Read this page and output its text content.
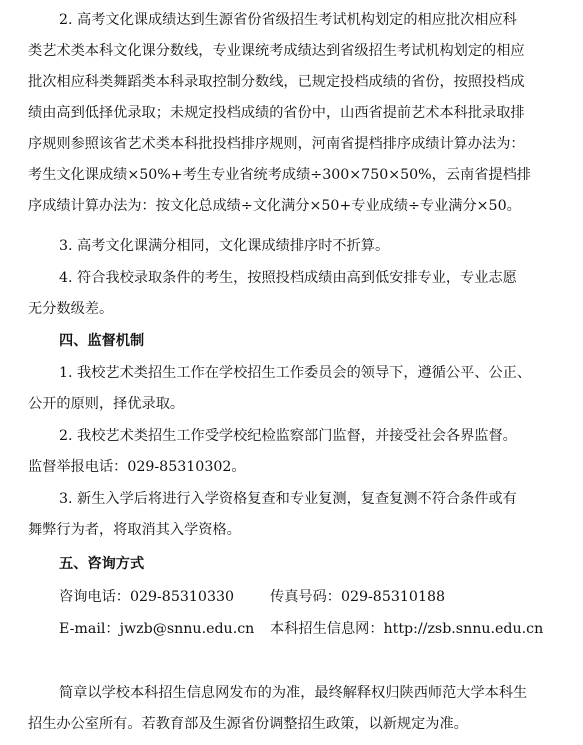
2. 高考文化课成绩达到生源省份省级招生考试机构划定的相应批次相应科
类艺术类本科文化课分数线，专业课统考成绩达到省级招生考试机构划定的相应
批次相应科类舞蹈类本科录取控制分数线，已规定投档成绩的省份，按照投档成
绩由高到低择优录取；未规定投档成绩的省份中，山西省提前艺术本科批录取排
序规则参照该省艺术类本科批投档排序规则，河南省提档排序成绩计算办法为：
考生文化课成绩×50%+考生专业省统考成绩÷300×750×50%，云南省提档排
序成绩计算办法为：按文化总成绩÷文化满分×50+专业成绩÷专业满分×50。
3. 高考文化课满分相同，文化课成绩排序时不折算。
4. 符合我校录取条件的考生，按照投档成绩由高到低安排专业，专业志愿
无分数级差。
四、监督机制
1. 我校艺术类招生工作在学校招生工作委员会的领导下，遵循公平、公正、
公开的原则，择优录取。
2. 我校艺术类招生工作受学校纪检监察部门监督，并接受社会各界监督。
监督举报电话：029-85310302。
3. 新生入学后将进行入学资格复查和专业复测，复查复测不符合条件或有
舞弊行为者，将取消其入学资格。
五、咨询方式
咨询电话：029-85310330	传真号码：029-85310188
E-mail：jwzb@snnu.edu.cn 本科招生信息网：http://zsb.snnu.edu.cn
简章以学校本科招生信息网发布的为准，最终解释权归陕西师范大学本科生
招生办公室所有。若教育部及生源省份调整招生政策，以新规定为准。
